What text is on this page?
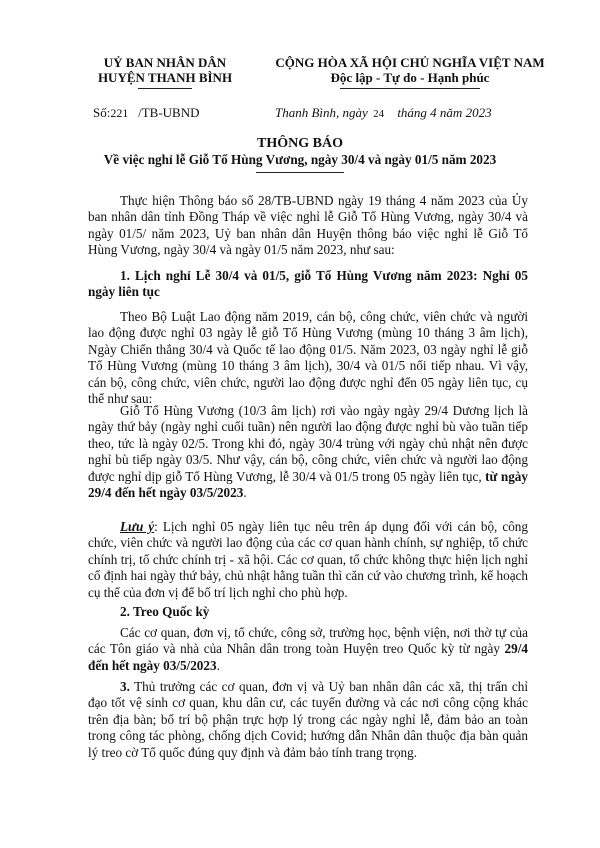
UỶ BAN NHÂN DÂN
HUYỆN THANH BÌNH
Số:221 /TB-UBND
CỘNG HÒA XÃ HỘI CHỦ NGHĨA VIỆT NAM
Độc lập - Tự do - Hạnh phúc
Thanh Bình, ngày 24 tháng 4 năm 2023
THÔNG BÁO
Về việc nghỉ lễ Giỗ Tổ Hùng Vương, ngày 30/4 và ngày 01/5 năm 2023
Thực hiện Thông báo số 28/TB-UBND ngày 19 tháng 4 năm 2023 của Ủy ban nhân dân tỉnh Đồng Tháp về việc nghỉ lễ Giỗ Tổ Hùng Vương, ngày 30/4 và ngày 01/5/ năm 2023, Uỷ ban nhân dân Huyện thông báo việc nghỉ lễ Giỗ Tổ Hùng Vương, ngày 30/4 và ngày 01/5 năm 2023, như sau:
1. Lịch nghỉ Lễ 30/4 và 01/5, giỗ Tổ Hùng Vương năm 2023: Nghỉ 05 ngày liên tục
Theo Bộ Luật Lao động năm 2019, cán bộ, công chức, viên chức và người lao động được nghỉ 03 ngày lễ giỗ Tổ Hùng Vương (mùng 10 tháng 3 âm lịch), Ngày Chiến thắng 30/4 và Quốc tế lao động 01/5. Năm 2023, 03 ngày nghỉ lễ giỗ Tổ Hùng Vương (mùng 10 tháng 3 âm lịch), 30/4 và 01/5 nối tiếp nhau. Vì vậy, cán bộ, công chức, viên chức, người lao động được nghỉ đến 05 ngày liên tục, cụ thể như sau:
Giỗ Tổ Hùng Vương (10/3 âm lịch) rơi vào ngày ngày 29/4 Dương lịch là ngày thứ bảy (ngày nghỉ cuối tuần) nên người lao động được nghỉ bù vào tuần tiếp theo, tức là ngày 02/5. Trong khi đó, ngày 30/4 trùng với ngày chủ nhật nên được nghỉ bù tiếp ngày 03/5. Như vậy, cán bộ, công chức, viên chức và người lao động được nghỉ dịp giỗ Tổ Hùng Vương, lễ 30/4 và 01/5 trong 05 ngày liên tục, từ ngày 29/4 đến hết ngày 03/5/2023.
Lưu ý: Lịch nghỉ 05 ngày liên tục nêu trên áp dụng đối với cán bộ, công chức, viên chức và người lao động của các cơ quan hành chính, sự nghiệp, tổ chức chính trị, tổ chức chính trị - xã hội. Các cơ quan, tổ chức không thực hiện lịch nghỉ cố định hai ngày thứ bảy, chủ nhật hằng tuần thì căn cứ vào chương trình, kế hoạch cụ thể của đơn vị để bố trí lịch nghỉ cho phù hợp.
2. Treo Quốc kỳ
Các cơ quan, đơn vị, tổ chức, công sở, trường học, bệnh viện, nơi thờ tự của các Tôn giáo và nhà của Nhân dân trong toàn Huyện treo Quốc kỳ từ ngày 29/4 đến hết ngày 03/5/2023.
3. Thủ trưởng các cơ quan, đơn vị và Uỷ ban nhân dân các xã, thị trấn chỉ đạo tốt vệ sinh cơ quan, khu dân cư, các tuyến đường và các nơi công cộng khác trên địa bàn; bố trí bộ phận trực hợp lý trong các ngày nghỉ lễ, đảm bảo an toàn trong công tác phòng, chống dịch Covid; hướng dẫn Nhân dân thuộc địa bàn quản lý treo cờ Tổ quốc đúng quy định và đảm bảo tính trang trọng.
